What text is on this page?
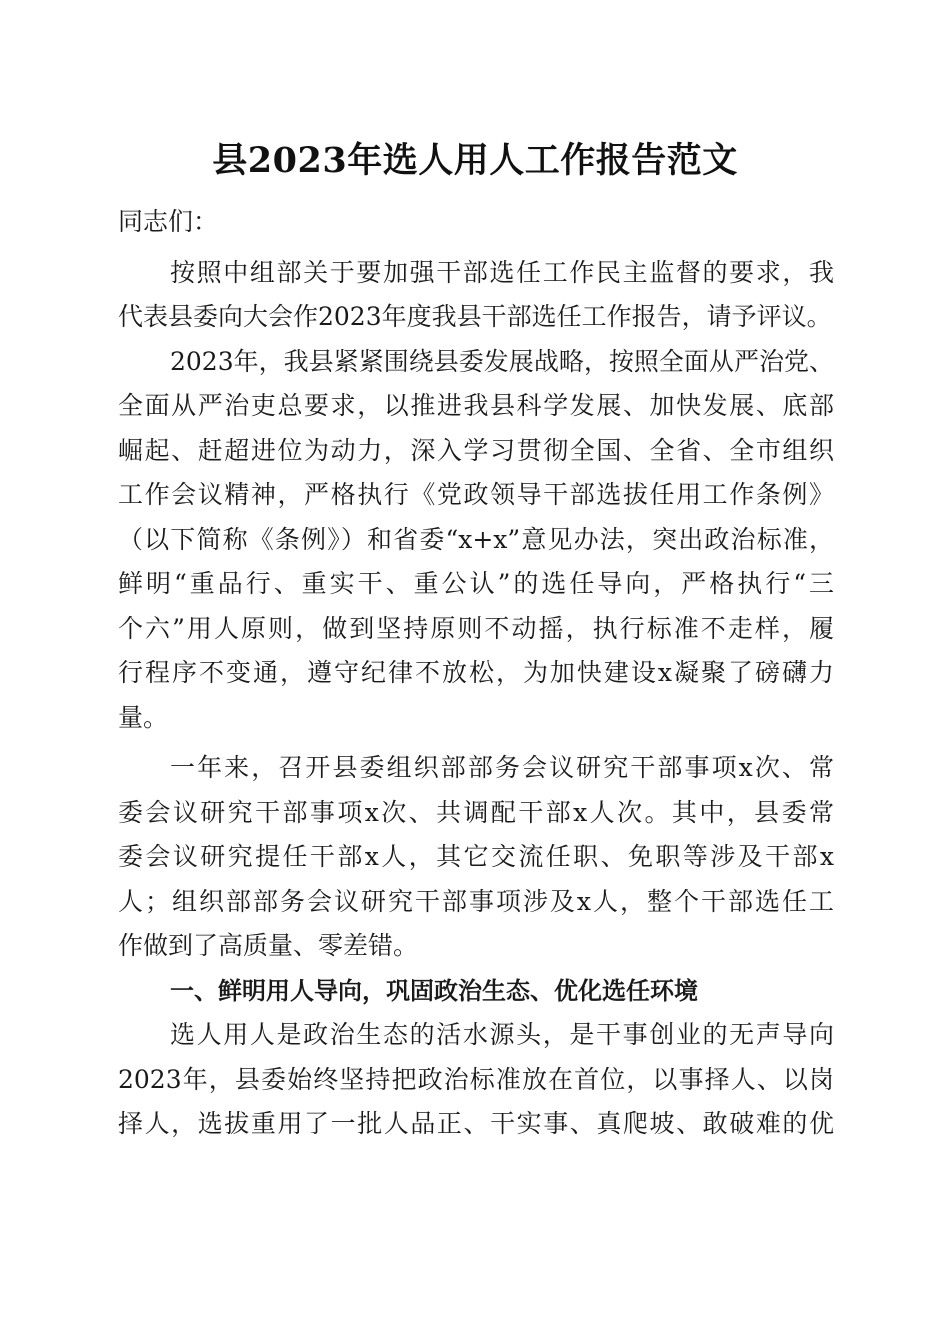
县2023年选人用人工作报告范文
同志们：
按照中组部关于要加强干部选任工作民主监督的要求，我
代表县委向大会作2023年度我县干部选任工作报告，请予评议。
2023年，我县紧紧围绕县委发展战略，按照全面从严治党、
全面从严治吏总要求，以推进我县科学发展、加快发展、底部
崛起、赶超进位为动力，深入学习贯彻全国、全省、全市组织
工作会议精神，严格执行《党政领导干部选拔任用工作条例》
（以下简称《条例》）和省委“x+x”意见办法，突出政治标准，
鲜明“重品行、重实干、重公认”的选任导向，严格执行“三
个六”用人原则，做到坚持原则不动摇，执行标准不走样，履
行程序不变通，遵守纪律不放松，为加快建设x凝聚了磅礴力
量。
一年来，召开县委组织部部务会议研究干部事项x次、常
委会议研究干部事项x次、共调配干部x人次。其中，县委常
委会议研究提任干部x人，其它交流任职、免职等涉及干部x
人；组织部部务会议研究干部事项涉及x人，整个干部选任工
作做到了高质量、零差错。
一、鲜明用人导向，巩固政治生态、优化选任环境
选人用人是政治生态的活水源头，是干事创业的无声导向
2023年，县委始终坚持把政治标准放在首位，以事择人、以岗
择人，选拔重用了一批人品正、干实事、真爬坡、敢破难的优
